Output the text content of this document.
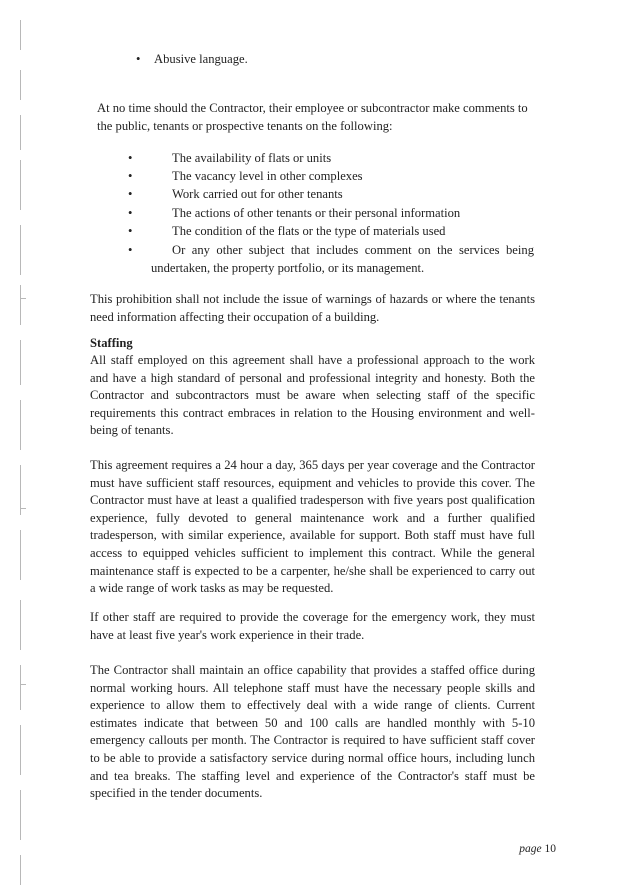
• Abusive language.
At no time should the Contractor, their employee or subcontractor make comments to the public, tenants or prospective tenants on the following:
•	The availability of flats or units
•	The vacancy level in other complexes
•	Work carried out for other tenants
•	The actions of other tenants or their personal information
•	The condition of the flats or the type of materials used
•	Or any other subject that includes comment on the services being
undertaken, the property portfolio, or its management.
This prohibition shall not include the issue of warnings of hazards or where the tenants need information affecting their occupation of a building.
Staffing
All staff employed on this agreement shall have a professional approach to the work and have a high standard of personal and professional integrity and honesty. Both the Contractor and subcontractors must be aware when selecting staff of the specific requirements this contract embraces in relation to the Housing environment and well-being of tenants.
This agreement requires a 24 hour a day, 365 days per year coverage and the Contractor must have sufficient staff resources, equipment and vehicles to provide this cover. The Contractor must have at least a qualified tradesperson with five years post qualification experience, fully devoted to general maintenance work and a further qualified tradesperson, with similar experience, available for support. Both staff must have full access to equipped vehicles sufficient to implement this contract. While the general maintenance staff is expected to be a carpenter, he/she shall be experienced to carry out a wide range of work tasks as may be requested.
If other staff are required to provide the coverage for the emergency work, they must have at least five year's work experience in their trade.
The Contractor shall maintain an office capability that provides a staffed office during normal working hours. All telephone staff must have the necessary people skills and experience to allow them to effectively deal with a wide range of clients. Current estimates indicate that between 50 and 100 calls are handled monthly with 5-10 emergency callouts per month. The Contractor is required to have sufficient staff cover to be able to provide a satisfactory service during normal office hours, including lunch and tea breaks. The staffing level and experience of the Contractor's staff must be specified in the tender documents.
page 10
